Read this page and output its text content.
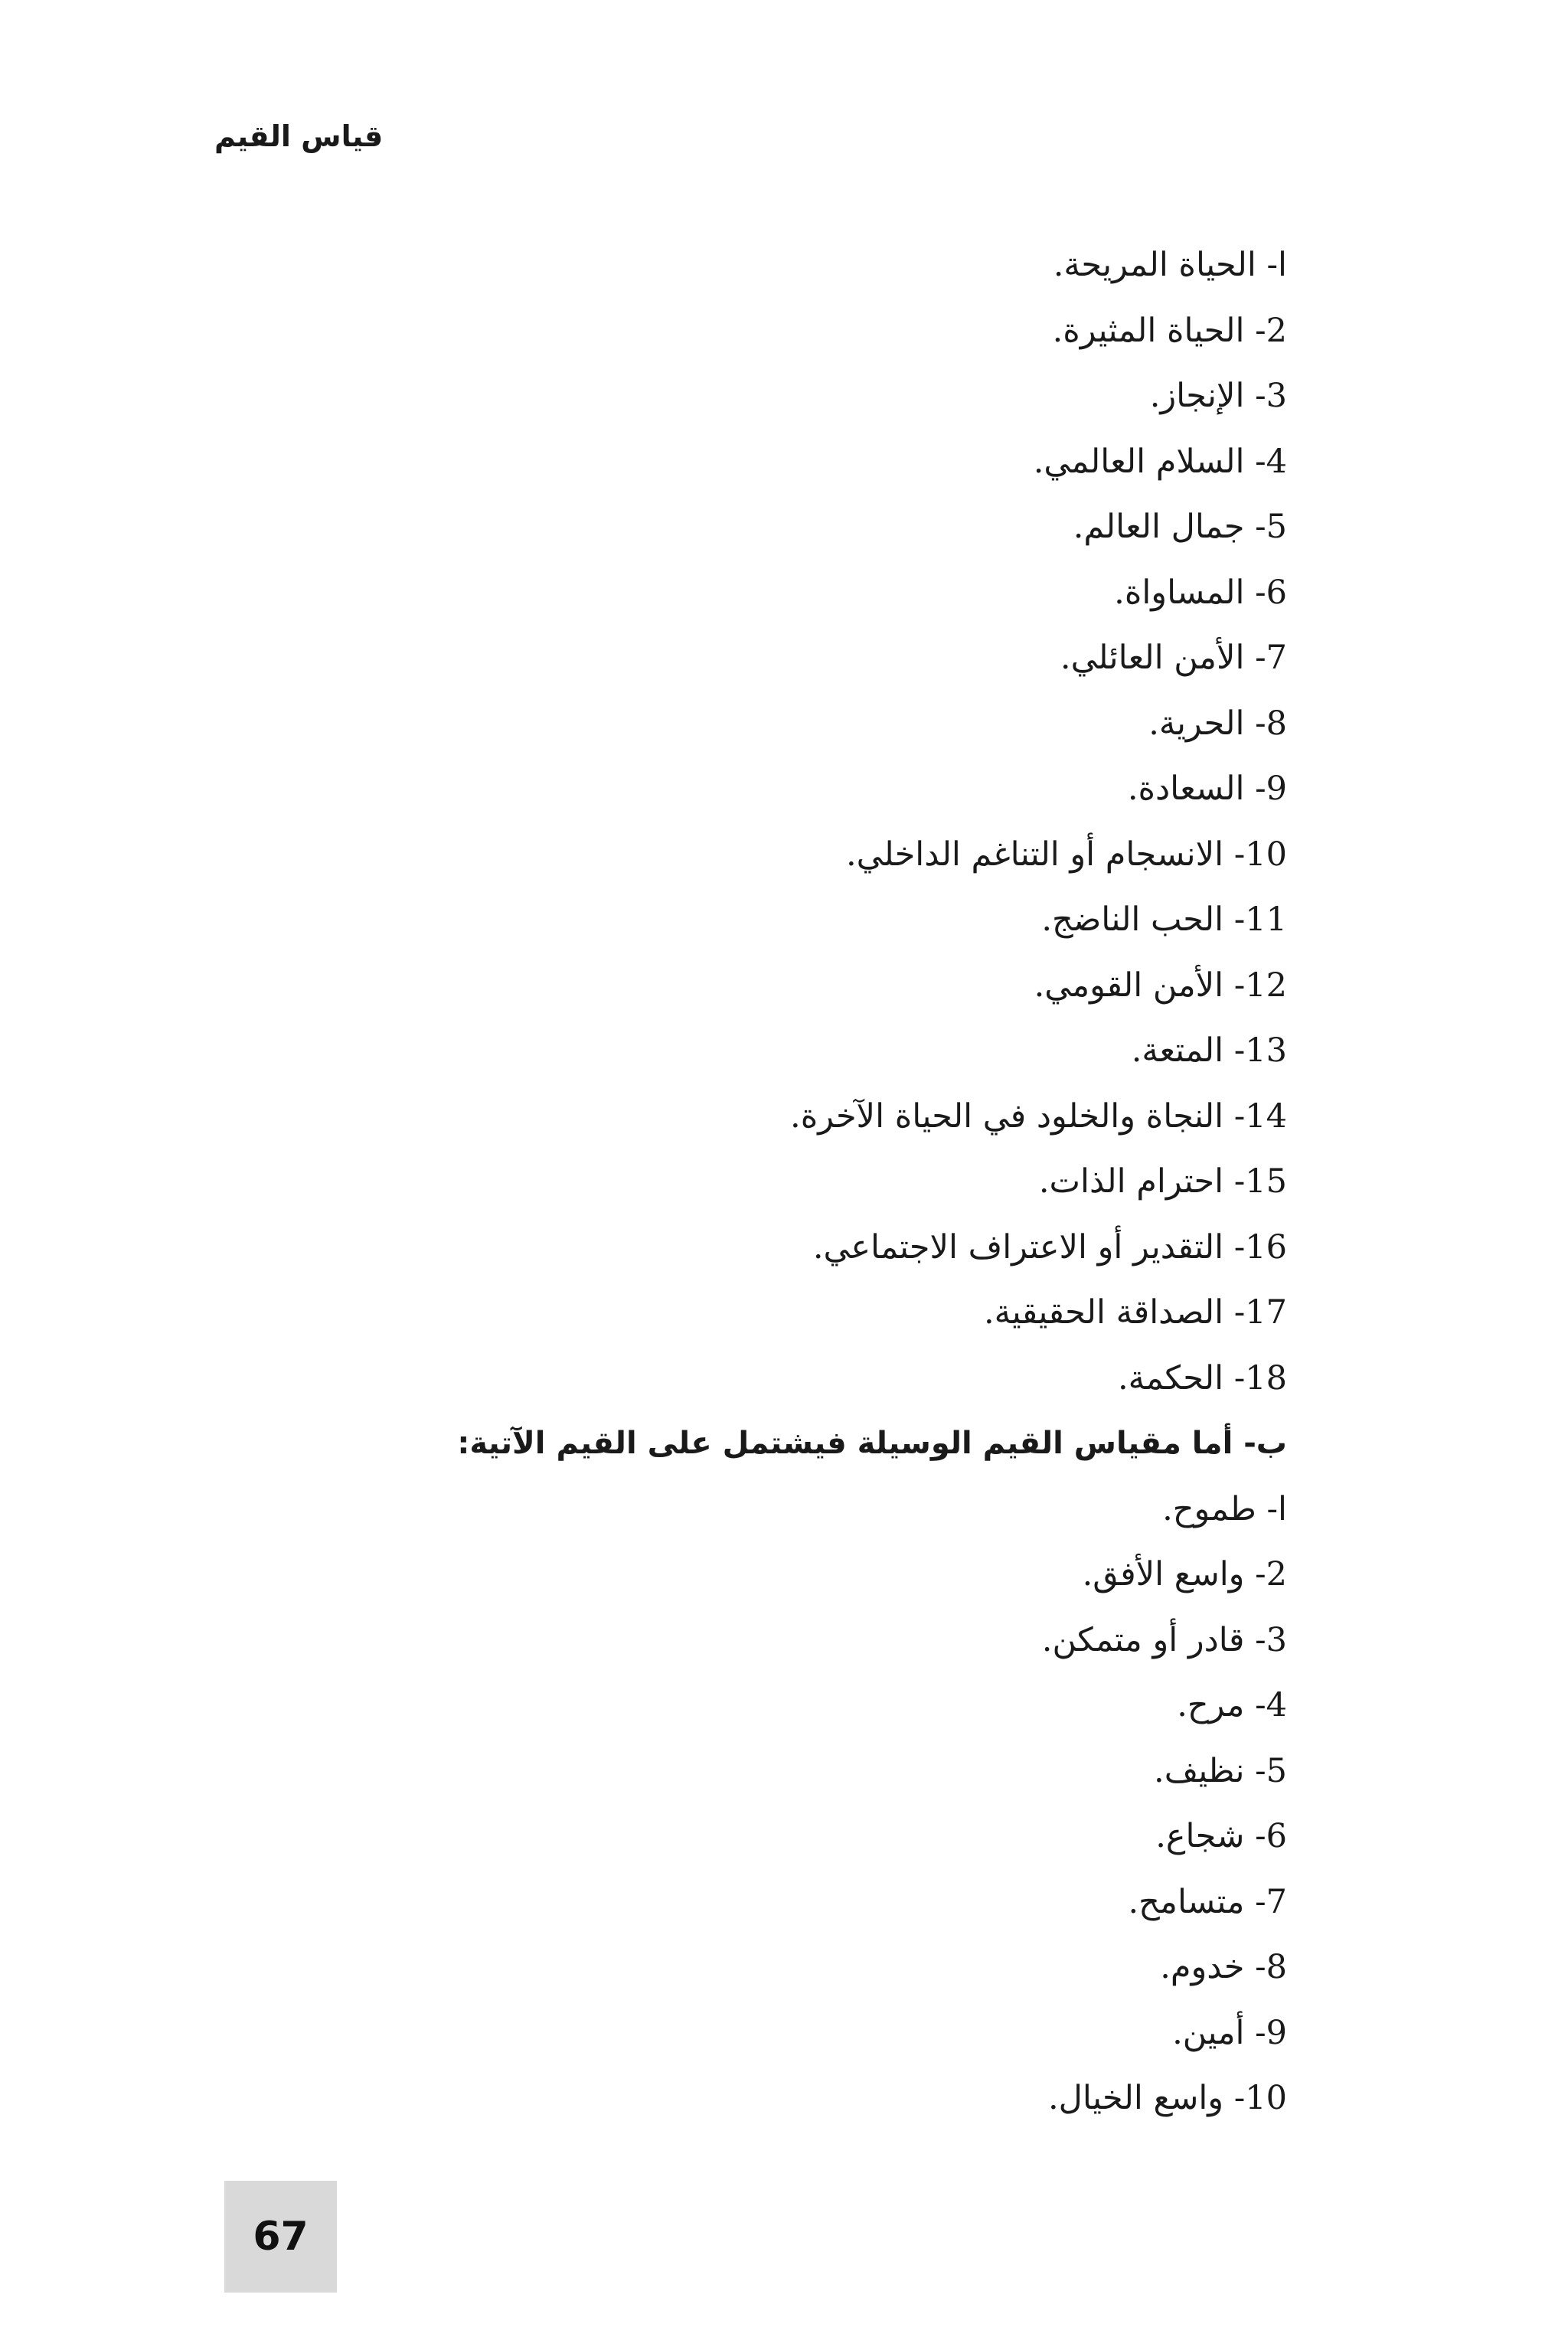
قياس القيم
ا- الحياة المريحة.
2- الحياة المثيرة.
3- الإنجاز.
4- السلام العالمي.
5- جمال العالم.
6- المساواة.
7- الأمن العائلي.
8- الحرية.
9- السعادة.
10- الانسجام أو التناغم الداخلي.
11- الحب الناضج.
12- الأمن القومي.
13- المتعة.
14- النجاة والخلود في الحياة الآخرة.
15- احترام الذات.
16- التقدير أو الاعتراف الاجتماعي.
17- الصداقة الحقيقية.
18- الحكمة.
ب- أما مقياس القيم الوسيلة فيشتمل على القيم الآتية:
ا- طموح.
2- واسع الأفق.
3- قادر أو متمكن.
4- مرح.
5- نظيف.
6- شجاع.
7- متسامح.
8- خدوم.
9- أمين.
10- واسع الخيال.
67
